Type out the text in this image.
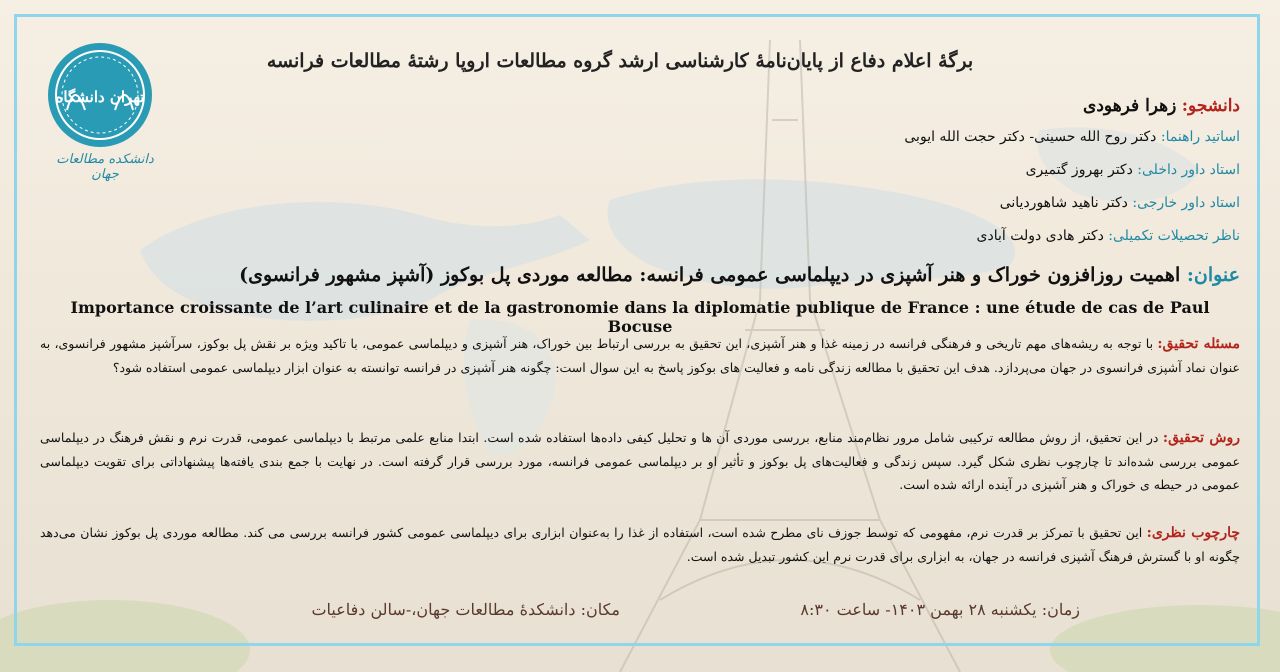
تهران دانشگاه
دانشکده مطالعات جهان
برگهٔ اعلام دفاع از پایان‌نامهٔ کارشناسی ارشد گروه مطالعات اروپا رشتهٔ مطالعات فرانسه
دانشجو: زهرا فرهودی
اساتید راهنما: دکتر روح الله حسینی- دکتر حجت الله ایوبی
استاد داور داخلی: دکتر بهروز گتمیری
استاد داور خارجی: دکتر ناهید شاهوردیانی
ناظر تحصیلات تکمیلی: دکتر هادی دولت آبادی
عنوان: اهمیت روزافزون خوراک و هنر آشپزی در دیپلماسی عمومی فرانسه: مطالعه موردی پل بوکوز (آشپز مشهور فرانسوی)
Importance croissante de l’art culinaire et de la gastronomie dans la diplomatie publique de France : une étude de cas de Paul Bocuse
مسئله تحقیق: با توجه به ریشه‌های مهم تاریخی و فرهنگی فرانسه در زمینه غذا و هنر آشپزی، این تحقیق به بررسی ارتباط بین خوراک، هنر آشپزی و دیپلماسی عمومی، با تاکید ویژه بر نقش پل بوکوز، سرآشپز مشهور فرانسوی، به عنوان نماد آشپزی فرانسوی در جهان می‌پردازد. هدف این تحقیق با مطالعه زندگی نامه و فعالیت های بوکوز پاسخ به این سوال است: چگونه هنر آشپزی در فرانسه توانسته به عنوان ابزار دیپلماسی عمومی استفاده شود؟
روش تحقیق: در این تحقیق، از روش مطالعه ترکیبی شامل مرور نظام‌مند منابع، بررسی موردی آن ها و تحلیل کیفی داده‌ها استفاده شده است. ابتدا منابع علمی مرتبط با دیپلماسی عمومی، قدرت نرم و نقش فرهنگ در دیپلماسی عمومی بررسی شده‌اند تا چارچوب نظری شکل گیرد. سپس زندگی و فعالیت‌های پل بوکوز و تأثیر او بر دیپلماسی عمومی فرانسه، مورد بررسی قرار گرفته است. در نهایت با جمع بندی یافته‌ها پیشنهاداتی برای تقویت دیپلماسی عمومی در حیطه ی خوراک و هنر آشپزی در آینده ارائه شده است.
چارچوب نظری: این تحقیق با تمرکز بر قدرت نرم، مفهومی که توسط جوزف نای مطرح شده است، استفاده از غذا را به‌عنوان ابزاری برای دیپلماسی عمومی کشور فرانسه بررسی می کند. مطالعه موردی پل بوکوز نشان می‌دهد چگونه او با گسترش فرهنگ آشپزی فرانسه در جهان، به ابزاری برای قدرت نرم این کشور تبدیل شده است.
زمان: یکشنبه ۲۸ بهمن ۱۴۰۳- ساعت ۸:۳۰
مکان: دانشکدهٔ مطالعات جهان،-سالن دفاعیات
